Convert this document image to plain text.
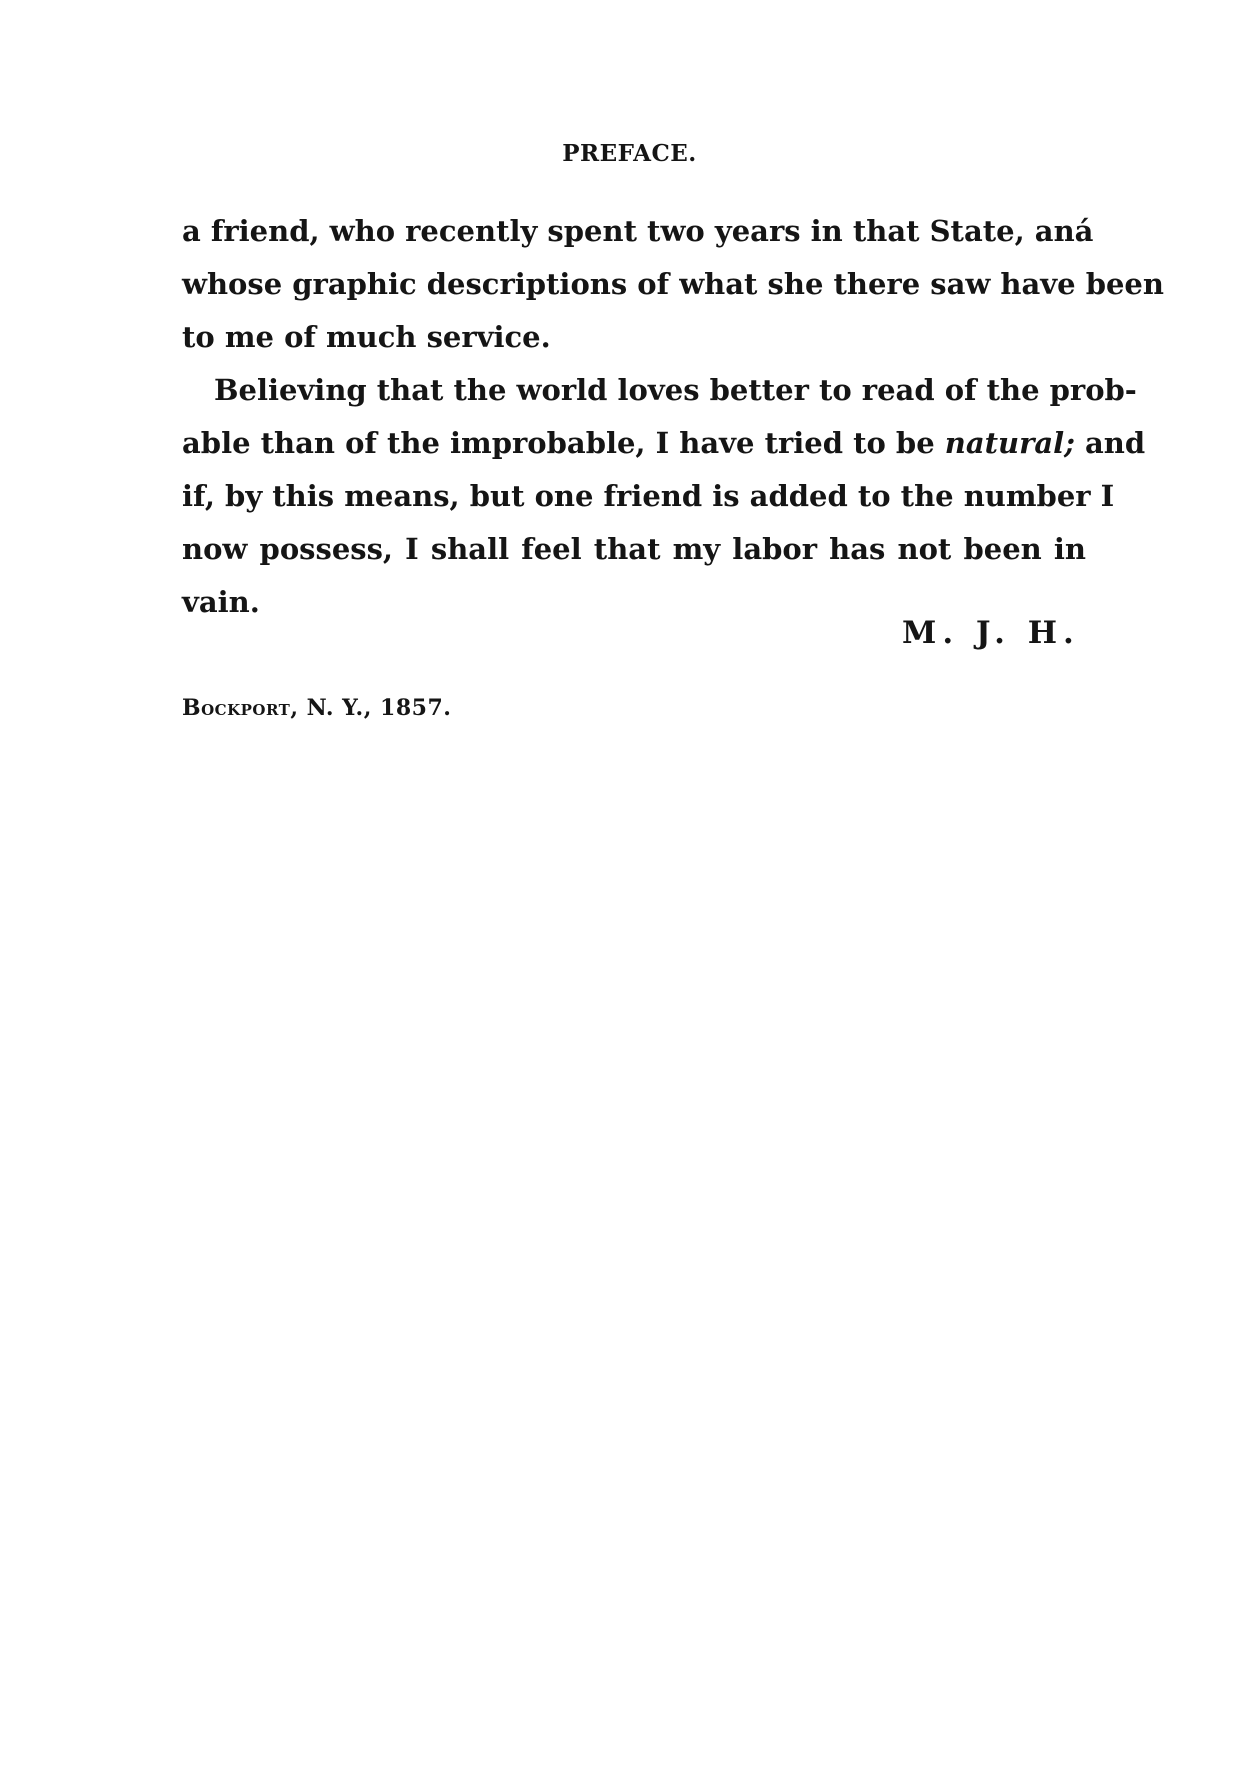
PREFACE.
a friend, who recently spent two years in that State, aná
whose graphic descriptions of what she there saw have been
to me of much service.
Believing that the world loves better to read of the prob-
able than of the improbable, I have tried to be natural; and
if, by this means, but one friend is added to the number I
now possess, I shall feel that my labor has not been in
vain.
M. J. H.
Bockport, N. Y., 1857.
